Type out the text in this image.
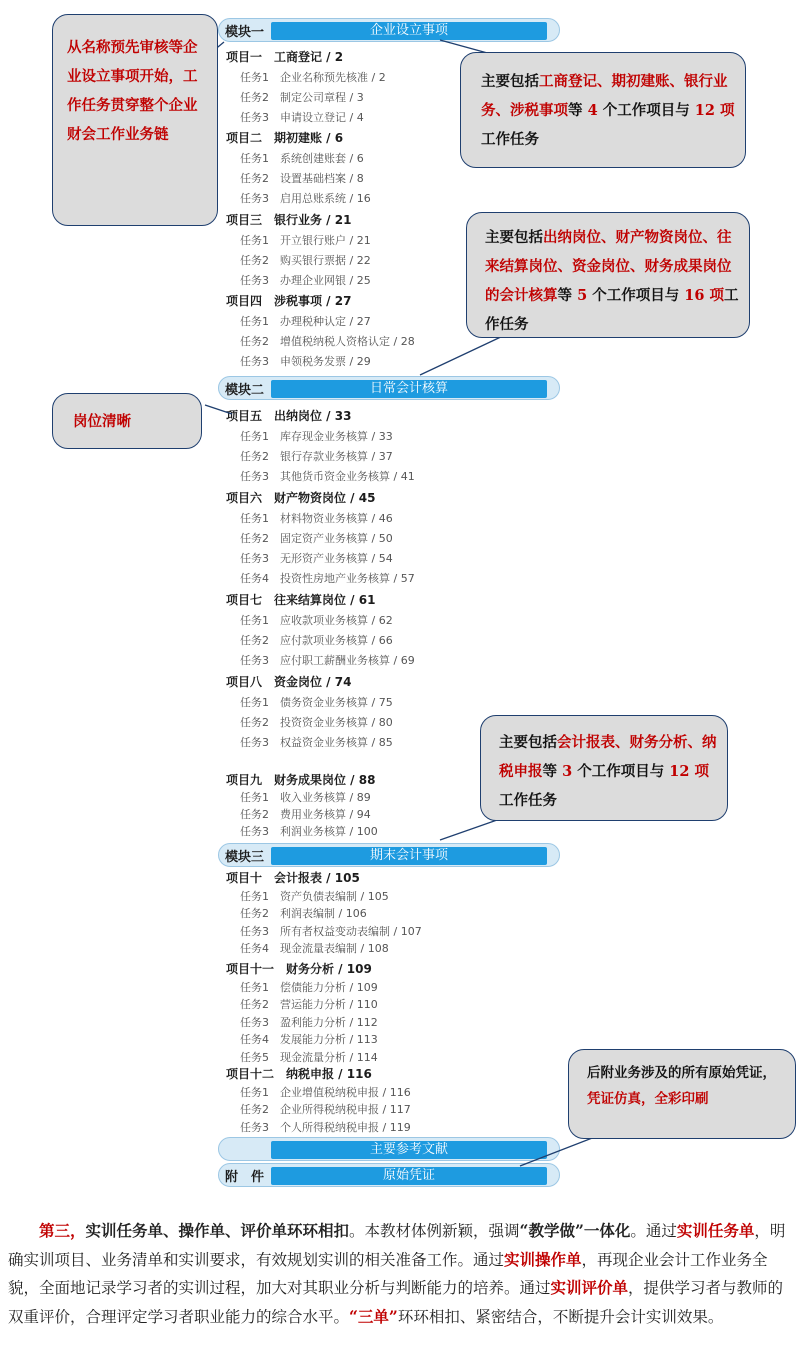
模块一	企业设立事项
模块二	日常会计核算
模块三	期末会计事项
主要参考文献
附　件	原始凭证
项目一　工商登记 / 2
任务1　企业名称预先核准 / 2
任务2　制定公司章程 / 3
任务3　申请设立登记 / 4
项目二　期初建账 / 6
任务1　系统创建账套 / 6
任务2　设置基础档案 / 8
任务3　启用总账系统 / 16
项目三　银行业务 / 21
任务1　开立银行账户 / 21
任务2　购买银行票据 / 22
任务3　办理企业网银 / 25
项目四　涉税事项 / 27
任务1　办理税种认定 / 27
任务2　增值税纳税人资格认定 / 28
任务3　申领税务发票 / 29
项目五　出纳岗位 / 33
任务1　库存现金业务核算 / 33
任务2　银行存款业务核算 / 37
任务3　其他货币资金业务核算 / 41
项目六　财产物资岗位 / 45
任务1　材料物资业务核算 / 46
任务2　固定资产业务核算 / 50
任务3　无形资产业务核算 / 54
任务4　投资性房地产业务核算 / 57
项目七　往来结算岗位 / 61
任务1　应收款项业务核算 / 62
任务2　应付款项业务核算 / 66
任务3　应付职工薪酬业务核算 / 69
项目八　资金岗位 / 74
任务1　债务资金业务核算 / 75
任务2　投资资金业务核算 / 80
任务3　权益资金业务核算 / 85
项目九　财务成果岗位 / 88
任务1　收入业务核算 / 89
任务2　费用业务核算 / 94
任务3　利润业务核算 / 100
项目十　会计报表 / 105
任务1　资产负债表编制 / 105
任务2　利润表编制 / 106
任务3　所有者权益变动表编制 / 107
任务4　现金流量表编制 / 108
项目十一　财务分析 / 109
任务1　偿债能力分析 / 109
任务2　营运能力分析 / 110
任务3　盈利能力分析 / 112
任务4　发展能力分析 / 113
任务5　现金流量分析 / 114
项目十二　纳税申报 / 116
任务1　企业增值税纳税申报 / 116
任务2　企业所得税纳税申报 / 117
任务3　个人所得税纳税申报 / 119
从名称预先审核等企业设立事项开始，工作任务贯穿整个企业财会工作业务链
岗位清晰
主要包括工商登记、期初建账、银行业务、涉税事项等 4 个工作项目与 12 项工作任务
主要包括出纳岗位、财产物资岗位、往来结算岗位、资金岗位、财务成果岗位的会计核算等 5 个工作项目与 16 项工作任务
主要包括会计报表、财务分析、纳税申报等 3 个工作项目与 12 项工作任务
后附业务涉及的所有原始凭证，凭证仿真，全彩印刷
第三，实训任务单、操作单、评价单环环相扣。本教材体例新颖，强调“教学做”一体化。通过实训任务单，明确实训项目、业务清单和实训要求，有效规划实训的相关准备工作。通过实训操作单，再现企业会计工作业务全貌，全面地记录学习者的实训过程，加大对其职业分析与判断能力的培养。通过实训评价单，提供学习者与教师的双重评价，合理评定学习者职业能力的综合水平。“三单”环环相扣、紧密结合，不断提升会计实训效果。
